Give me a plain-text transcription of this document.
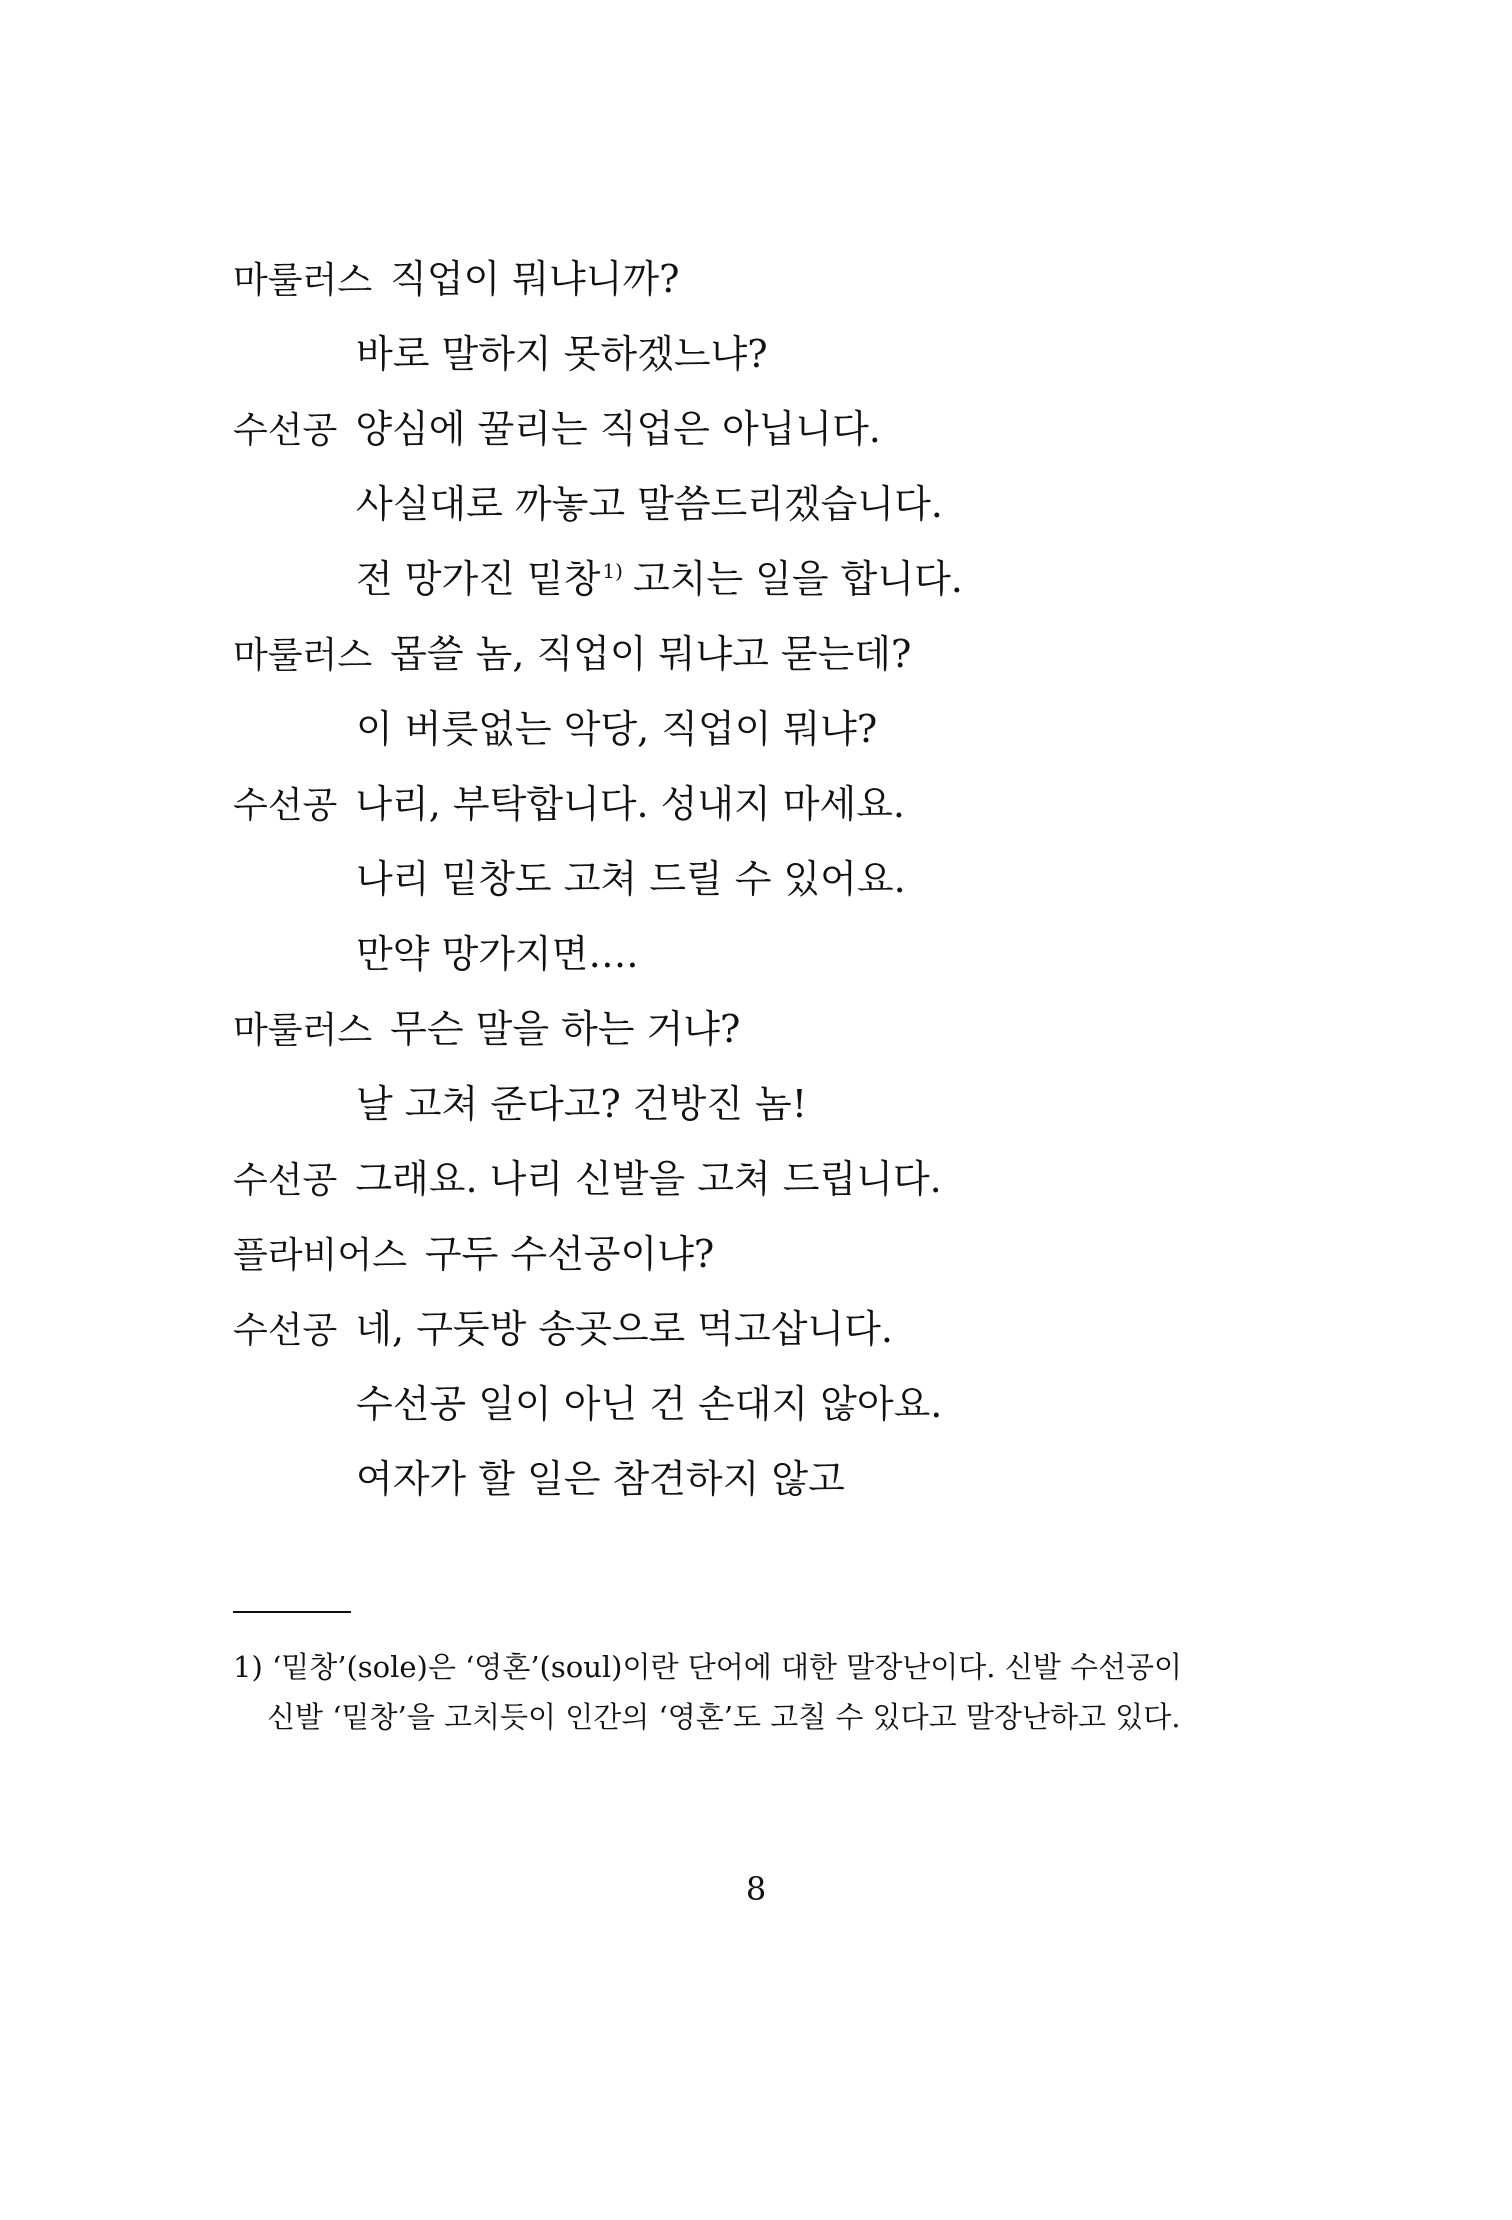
마룰러스 직업이 뭐냐니까?
바로 말하지 못하겠느냐?
수선공 양심에 꿀리는 직업은 아닙니다.
사실대로 까놓고 말씀드리겠습니다.
전 망가진 밑창 $^{1)}$ 고치는 일을 합니다.
마룰러스 몹쓸 놈, 직업이 뭐냐고 묻는데?
이 버릇없는 악당, 직업이 뭐냐?
수선공 나리, 부탁합니다. 성내지 마세요.
나리 밑창도 고쳐 드릴 수 있어요.
만약 망가지면….
마룰러스 무슨 말을 하는 거냐?
날 고쳐 준다고? 건방진 놈!
수선공 그래요. 나리 신발을 고쳐 드립니다.
플라비어스 구두 수선공이냐?
수선공 네, 구둣방 송곳으로 먹고삽니다.
수선공 일이 아닌 건 손대지 않아요.
여자가 할 일은 참견하지 않고
1) ‘밑창’(sole)은 ‘영혼’(soul)이란 단어에 대한 말장난이다. 신발 수선공이 신발 ‘밑창’을 고치듯이 인간의 ‘영혼’도 고칠 수 있다고 말장난하고 있다.
8
